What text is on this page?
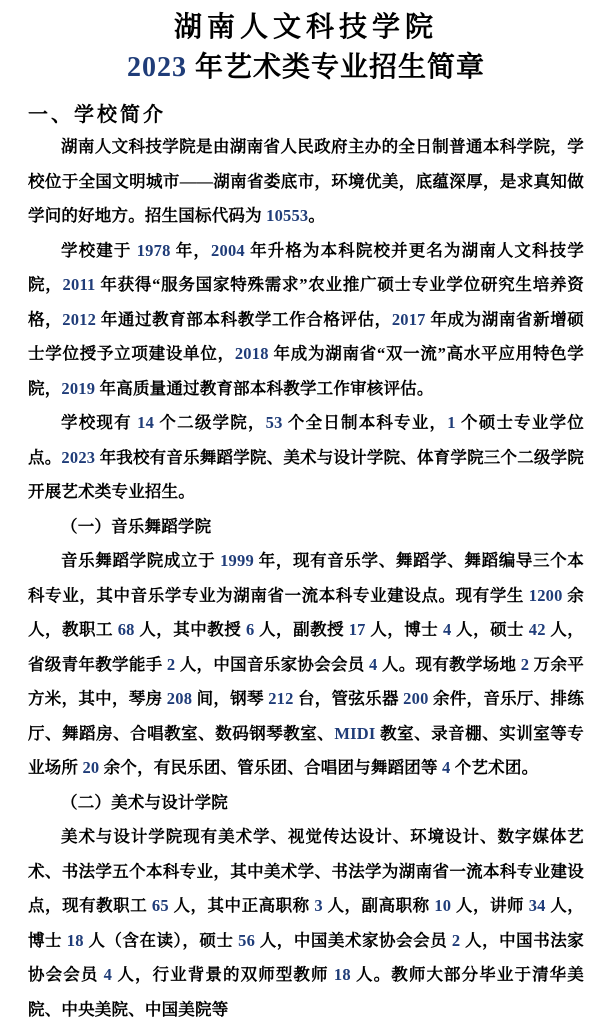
湖南人文科技学院
2023 年艺术类专业招生简章
一、学校简介

湖南人文科技学院是由湖南省人民政府主办的全日制普通本科学院，学校位于全国文明城市——湖南省娄底市，环境优美，底蕴深厚，是求真知做学问的好地方。招生国标代码为 10553。

学校建于 1978 年，2004 年升格为本科院校并更名为湖南人文科技学院，2011 年获得“服务国家特殊需求”农业推广硕士专业学位研究生培养资格，2012 年通过教育部本科教学工作合格评估，2017 年成为湖南省新增硕士学位授予立项建设单位，2018 年成为湖南省“双一流”高水平应用特色学院，2019 年高质量通过教育部本科教学工作审核评估。

学校现有 14 个二级学院，53 个全日制本科专业，1 个硕士专业学位点。2023 年我校有音乐舞蹈学院、美术与设计学院、体育学院三个二级学院开展艺术类专业招生。

（一）音乐舞蹈学院

音乐舞蹈学院成立于 1999 年，现有音乐学、舞蹈学、舞蹈编导三个本科专业，其中音乐学专业为湖南省一流本科专业建设点。现有学生 1200 余人，教职工 68 人，其中教授 6 人，副教授 17 人，博士 4 人，硕士 42 人，省级青年教学能手 2 人，中国音乐家协会会员 4 人。现有教学场地 2 万余平方米，其中，琴房 208 间，钢琴 212 台，管弦乐器 200 余件，音乐厅、排练厅、舞蹈房、合唱教室、数码钢琴教室、MIDI 教室、录音棚、实训室等专业场所 20 余个，有民乐团、管乐团、合唱团与舞蹈团等 4 个艺术团。

（二）美术与设计学院

美术与设计学院现有美术学、视觉传达设计、环境设计、数字媒体艺术、书法学五个本科专业，其中美术学、书法学为湖南省一流本科专业建设点，现有教职工 65 人，其中正高职称 3 人，副高职称 10 人，讲师 34 人，博士 18 人（含在读），硕士 56 人，中国美术家协会会员 2 人，中国书法家协会会员 4 人，行业背景的双师型教师 18 人。教师大部分毕业于清华美院、中央美院、中国美院等
